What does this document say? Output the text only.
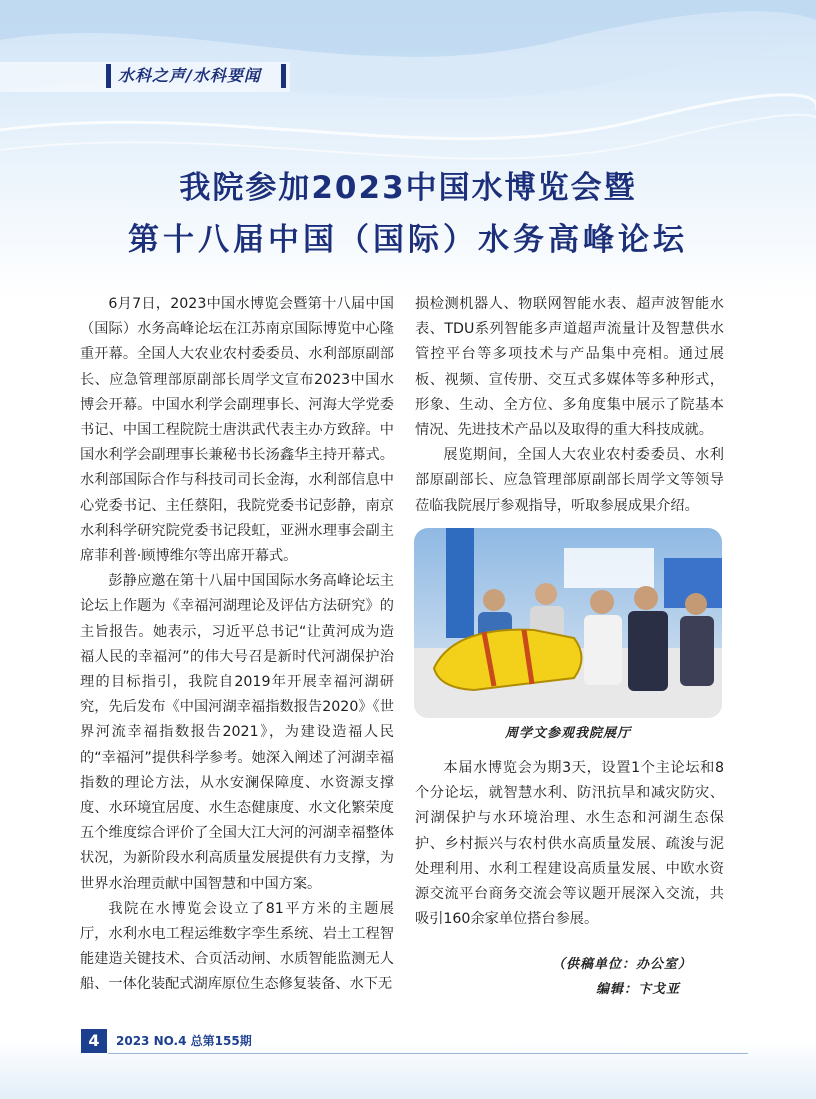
水科之声/水科要闻
我院参加2023中国水博览会暨
第十八届中国（国际）水务高峰论坛

6月7日，2023中国水博览会暨第十八届中国（国际）水务高峰论坛在江苏南京国际博览中心隆重开幕。全国人大农业农村委委员、水利部原副部长、应急管理部原副部长周学文宣布2023中国水博会开幕。中国水利学会副理事长、河海大学党委书记、中国工程院院士唐洪武代表主办方致辞。中国水利学会副理事长兼秘书长汤鑫华主持开幕式。水利部国际合作与科技司司长金海，水利部信息中心党委书记、主任蔡阳，我院党委书记彭静，南京水利科学研究院党委书记段虹，亚洲水理事会副主席菲利普·顾博维尔等出席开幕式。

彭静应邀在第十八届中国国际水务高峰论坛主论坛上作题为《幸福河湖理论及评估方法研究》的主旨报告。她表示，习近平总书记“让黄河成为造福人民的幸福河”的伟大号召是新时代河湖保护治理的目标指引，我院自2019年开展幸福河湖研究，先后发布《中国河湖幸福指数报告2020》《世界河流幸福指数报告2021》，为建设造福人民的“幸福河”提供科学参考。她深入阐述了河湖幸福指数的理论方法，从水安澜保障度、水资源支撑度、水环境宜居度、水生态健康度、水文化繁荣度五个维度综合评价了全国大江大河的河湖幸福整体状况，为新阶段水利高质量发展提供有力支撑，为世界水治理贡献中国智慧和中国方案。

我院在水博览会设立了81平方米的主题展厅，水利水电工程运维数字孪生系统、岩土工程智能建造关键技术、合页活动闸、水质智能监测无人船、一体化装配式湖库原位生态修复装备、水下无

损检测机器人、物联网智能水表、超声波智能水表、TDU系列智能多声道超声流量计及智慧供水管控平台等多项技术与产品集中亮相。通过展板、视频、宣传册、交互式多媒体等多种形式，形象、生动、全方位、多角度集中展示了院基本情况、先进技术产品以及取得的重大科技成就。

展览期间，全国人大农业农村委委员、水利部原副部长、应急管理部原副部长周学文等领导莅临我院展厅参观指导，听取参展成果介绍。

周学文参观我院展厅

本届水博览会为期3天，设置1个主论坛和8个分论坛，就智慧水利、防汛抗旱和减灾防灾、河湖保护与水环境治理、水生态和河湖生态保护、乡村振兴与农村供水高质量发展、疏浚与泥处理利用、水利工程建设高质量发展、中欧水资源交流平台商务交流会等议题开展深入交流，共吸引160余家单位搭台参展。

（供稿单位：办公室）
编辑：卞戈亚
4	2023 NO.4 总第155期
